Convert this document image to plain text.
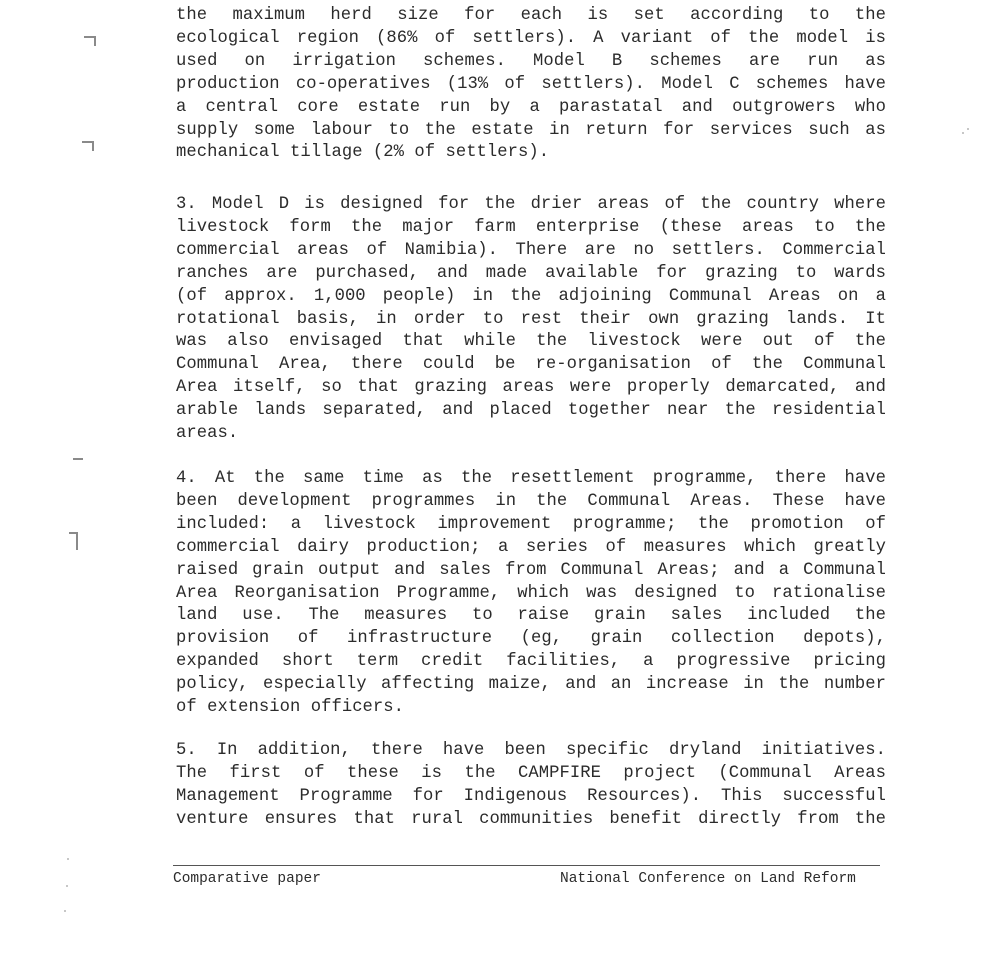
the maximum herd size for each is set according to the
ecological region (86% of settlers). A variant of the model is
used on irrigation schemes. Model B schemes are run as
production co-operatives (13% of settlers). Model C schemes have
a central core estate run by a parastatal and outgrowers who
supply some labour to the estate in return for services such as
mechanical tillage (2% of settlers).

3. Model D is designed for the drier areas of the country where
livestock form the major farm enterprise (these areas to the
commercial areas of Namibia). There are no settlers. Commercial
ranches are purchased, and made available for grazing to wards
(of approx. 1,000 people) in the adjoining Communal Areas on a
rotational basis, in order to rest their own grazing lands. It
was also envisaged that while the livestock were out of the
Communal Area, there could be re-organisation of the Communal
Area itself, so that grazing areas were properly demarcated, and
arable lands separated, and placed together near the residential
areas.

4. At the same time as the resettlement programme, there have
been development programmes in the Communal Areas. These have
included: a livestock improvement programme; the promotion of
commercial dairy production; a series of measures which greatly
raised grain output and sales from Communal Areas; and a Communal
Area Reorganisation Programme, which was designed to rationalise
land use. The measures to raise grain sales included the
provision of infrastructure (eg, grain collection depots),
expanded short term credit facilities, a progressive pricing
policy, especially affecting maize, and an increase in the number
of extension officers.

5. In addition, there have been specific dryland initiatives.
The first of these is the CAMPFIRE project (Communal Areas
Management Programme for Indigenous Resources). This successful
venture ensures that rural communities benefit directly from the

Comparative paper	National Conference on Land Reform
